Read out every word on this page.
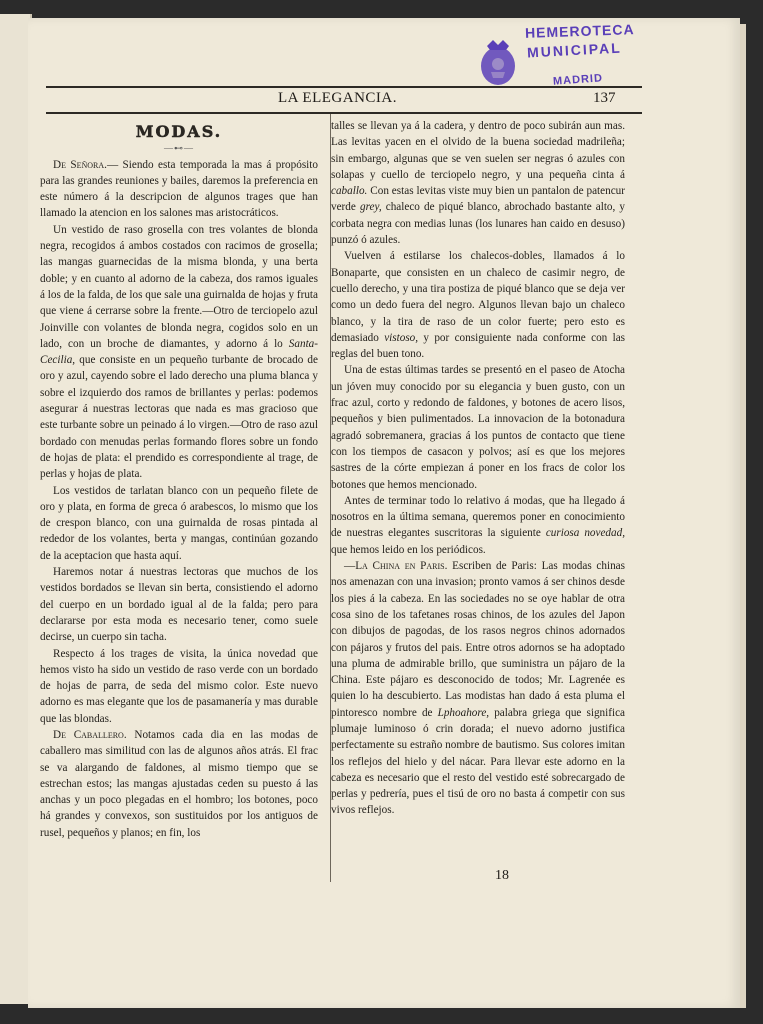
HEMEROTECA
MUNICIPAL
MADRID
LA ELEGANCIA.	137

MODAS.

—⊷—

De Señora.— Siendo esta temporada la mas á propósito para las grandes reuniones y bailes, daremos la preferencia en este número á la descripcion de algunos trages que han llamado la atencion en los salones mas aristocráticos.

Un vestido de raso grosella con tres volantes de blonda negra, recogidos á ambos costados con racimos de grosella; las mangas guarnecidas de la misma blonda, y una berta doble; y en cuanto al adorno de la cabeza, dos ramos iguales á los de la falda, de los que sale una guirnalda de hojas y fruta que viene á cerrarse sobre la frente.—Otro de terciopelo azul Joinville con volantes de blonda negra, cogidos solo en un lado, con un broche de diamantes, y adorno á lo Santa-Cecilia, que consiste en un pequeño turbante de brocado de oro y azul, cayendo sobre el lado derecho una pluma blanca y sobre el izquierdo dos ramos de brillantes y perlas: podemos asegurar á nuestras lectoras que nada es mas gracioso que este turbante sobre un peinado á lo virgen.—Otro de raso azul bordado con menudas perlas formando flores sobre un fondo de hojas de plata: el prendido es correspondiente al trage, de perlas y hojas de plata.

Los vestidos de tarlatan blanco con un pequeño filete de oro y plata, en forma de greca ó arabescos, lo mismo que los de crespon blanco, con una guirnalda de rosas pintada al rededor de los volantes, berta y mangas, continúan gozando de la aceptacion que hasta aquí.

Haremos notar á nuestras lectoras que muchos de los vestidos bordados se llevan sin berta, consistiendo el adorno del cuerpo en un bordado igual al de la falda; pero para declararse por esta moda es necesario tener, como suele decirse, un cuerpo sin tacha.

Respecto á los trages de visita, la única novedad que hemos visto ha sido un vestido de raso verde con un bordado de hojas de parra, de seda del mismo color. Este nuevo adorno es mas elegante que los de pasamanería y mas durable que las blondas.

De Caballero. Notamos cada dia en las modas de caballero mas similitud con las de algunos años atrás. El frac se va alargando de faldones, al mismo tiempo que se estrechan estos; las mangas ajustadas ceden su puesto á las anchas y un poco plegadas en el hombro; los botones, poco há grandes y convexos, son sustituidos por los antiguos de rusel, pequeños y planos; en fin, los

talles se llevan ya á la cadera, y dentro de poco subirán aun mas. Las levitas yacen en el olvido de la buena sociedad madrileña; sin embargo, algunas que se ven suelen ser negras ó azules con solapas y cuello de terciopelo negro, y una pequeña cinta á caballo. Con estas levitas viste muy bien un pantalon de patencur verde grey, chaleco de piqué blanco, abrochado bastante alto, y corbata negra con medias lunas (los lunares han caido en desuso) punzó ó azules.

Vuelven á estilarse los chalecos-dobles, llamados á lo Bonaparte, que consisten en un chaleco de casimir negro, de cuello derecho, y una tira postiza de piqué blanco que se deja ver como un dedo fuera del negro. Algunos llevan bajo un chaleco blanco, y la tira de raso de un color fuerte; pero esto es demasiado vistoso, y por consiguiente nada conforme con las reglas del buen tono.

Una de estas últimas tardes se presentó en el paseo de Atocha un jóven muy conocido por su elegancia y buen gusto, con un frac azul, corto y redondo de faldones, y botones de acero lisos, pequeños y bien pulimentados. La innovacion de la botonadura agradó sobremanera, gracias á los puntos de contacto que tiene con los tiempos de casacon y polvos; así es que los mejores sastres de la córte empiezan á poner en los fracs de color los botones que hemos mencionado.

Antes de terminar todo lo relativo á modas, que ha llegado á nosotros en la última semana, queremos poner en conocimiento de nuestras elegantes suscritoras la siguiente curiosa novedad, que hemos leido en los periódicos.

—La China en Paris. Escriben de Paris: Las modas chinas nos amenazan con una invasion; pronto vamos á ser chinos desde los pies á la cabeza. En las sociedades no se oye hablar de otra cosa sino de los tafetanes rosas chinos, de los azules del Japon con dibujos de pagodas, de los rasos negros chinos adornados con pájaros y frutos del pais. Entre otros adornos se ha adoptado una pluma de admirable brillo, que suministra un pájaro de la China. Este pájaro es desconocido de todos; Mr. Lagrenée es quien lo ha descubierto. Las modistas han dado á esta pluma el pintoresco nombre de Lphoahore, palabra griega que significa plumaje luminoso ó crin dorada; el nuevo adorno justifica perfectamente su estraño nombre de bautismo. Sus colores imitan los reflejos del hielo y del nácar. Para llevar este adorno en la cabeza es necesario que el resto del vestido esté sobrecargado de perlas y pedrería, pues el tisú de oro no basta á competir con sus vivos reflejos.

18
